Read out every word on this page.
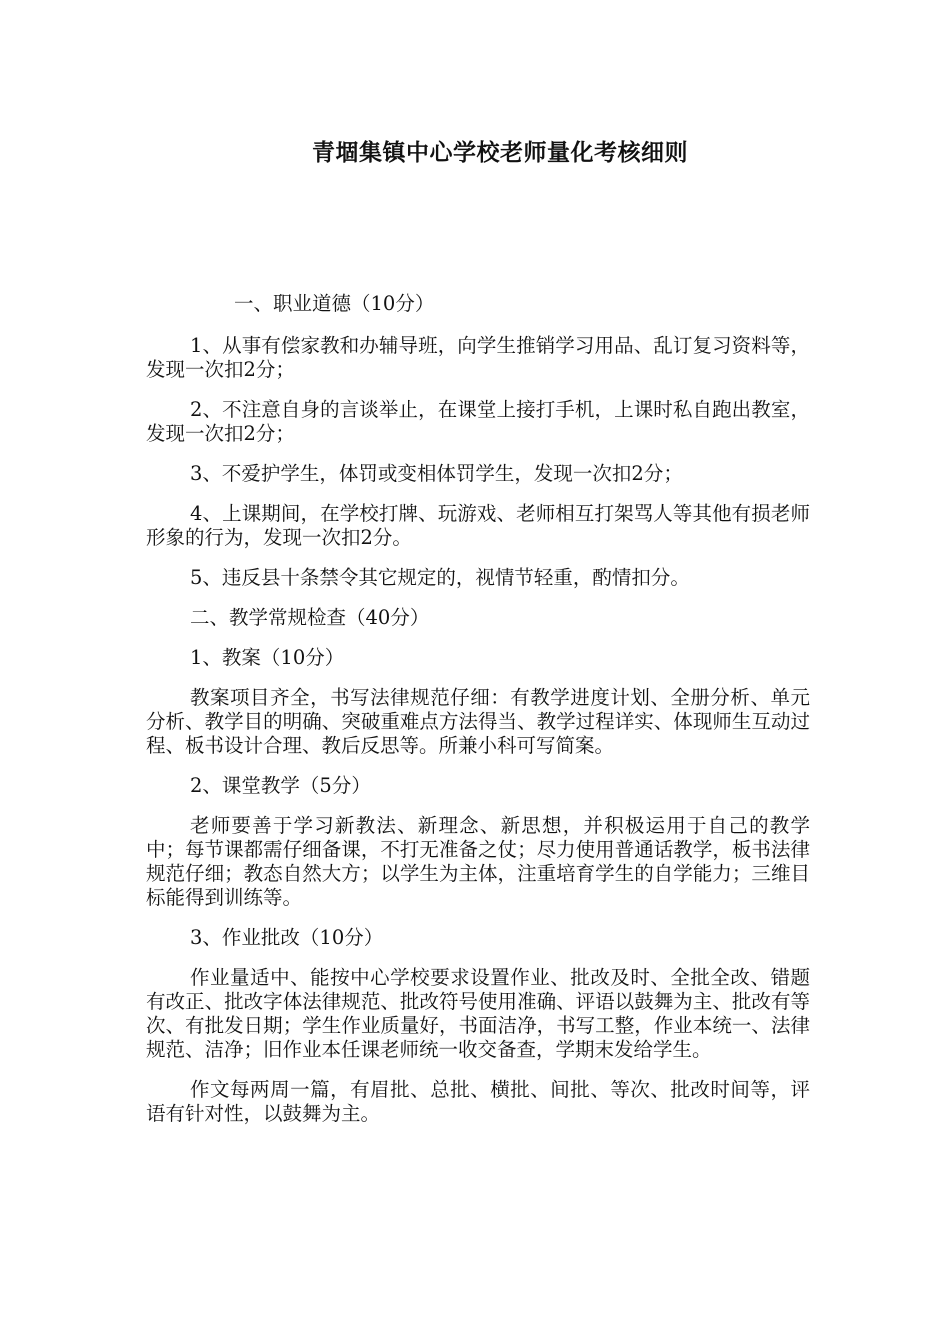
青堌集镇中心学校老师量化考核细则

一、职业道德（10分）

1、从事有偿家教和办辅导班，向学生推销学习用品、乱订复习资料等，发现一次扣2分；

2、不注意自身的言谈举止，在课堂上接打手机，上课时私自跑出教室，发现一次扣2分；

3、不爱护学生，体罚或变相体罚学生，发现一次扣2分；

4、上课期间，在学校打牌、玩游戏、老师相互打架骂人等其他有损老师形象的行为，发现一次扣2分。

5、违反县十条禁令其它规定的，视情节轻重，酌情扣分。

二、教学常规检查（40分）

1、教案（10分）

教案项目齐全，书写法律规范仔细：有教学进度计划、全册分析、单元分析、教学目的明确、突破重难点方法得当、教学过程详实、体现师生互动过程、板书设计合理、教后反思等。所兼小科可写简案。

2、课堂教学（5分）

老师要善于学习新教法、新理念、新思想，并积极运用于自己的教学中；每节课都需仔细备课，不打无准备之仗；尽力使用普通话教学，板书法律规范仔细；教态自然大方；以学生为主体，注重培育学生的自学能力；三维目标能得到训练等。

3、作业批改（10分）

作业量适中、能按中心学校要求设置作业、批改及时、全批全改、错题有改正、批改字体法律规范、批改符号使用准确、评语以鼓舞为主、批改有等次、有批发日期；学生作业质量好，书面洁净，书写工整，作业本统一、法律规范、洁净；旧作业本任课老师统一收交备查，学期末发给学生。

作文每两周一篇，有眉批、总批、横批、间批、等次、批改时间等，评语有针对性，以鼓舞为主。
